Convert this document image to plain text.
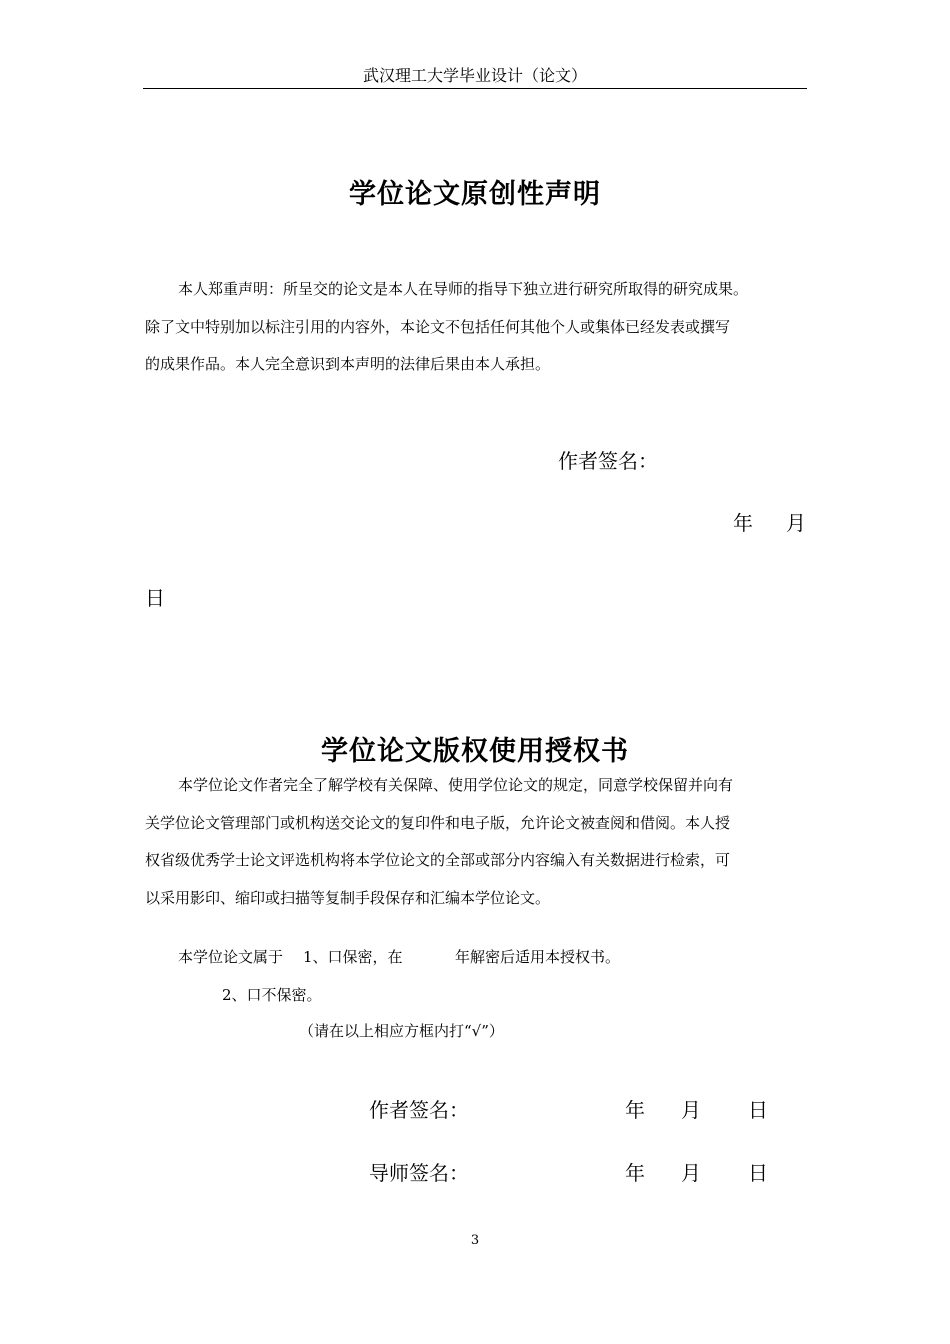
武汉理工大学毕业设计（论文）
学位论文原创性声明
本人郑重声明：所呈交的论文是本人在导师的指导下独立进行研究所取得的研究成果。
除了文中特别加以标注引用的内容外，本论文不包括任何其他个人或集体已经发表或撰写
的成果作品。本人完全意识到本声明的法律后果由本人承担。
作者签名：
年 月
日
学位论文版权使用授权书
本学位论文作者完全了解学校有关保障、使用学位论文的规定，同意学校保留并向有
关学位论文管理部门或机构送交论文的复印件和电子版，允许论文被查阅和借阅。本人授
权省级优秀学士论文评选机构将本学位论文的全部或部分内容编入有关数据进行检索，可
以采用影印、缩印或扫描等复制手段保存和汇编本学位论文。
本学位论文属于 1、口保密，在	年解密后适用本授权书。
2、口不保密。
（请在以上相应方框内打“√”）
作者签名：	年 月 日
导师签名：	年 月 日
3
